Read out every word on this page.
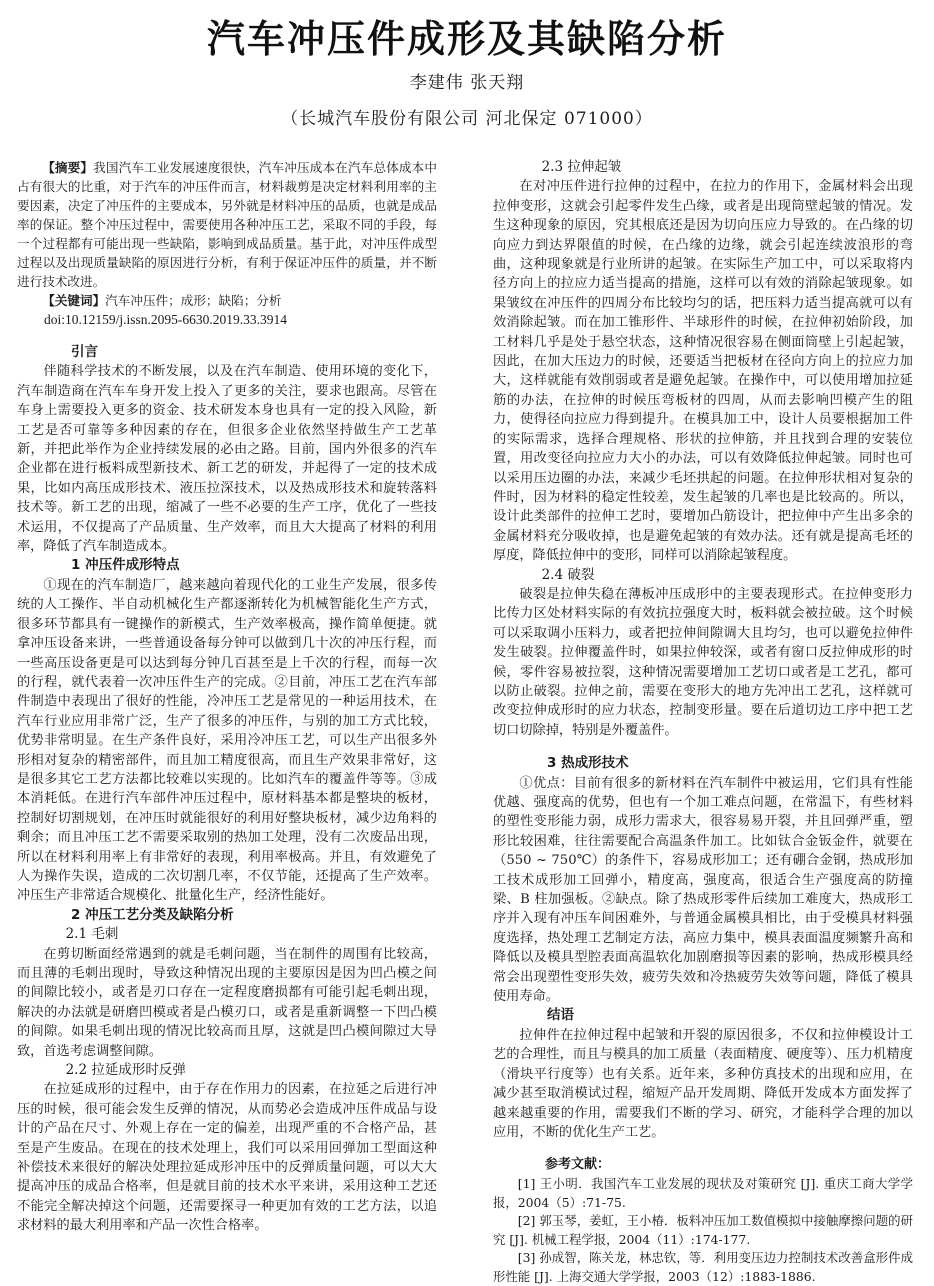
汽车冲压件成形及其缺陷分析
李建伟 张天翔
（长城汽车股份有限公司 河北保定 071000）

【摘要】我国汽车工业发展速度很快，汽车冲压成本在汽车总体成本中占有很大的比重，对于汽车的冲压件而言，材料裁剪是决定材料利用率的主要因素，决定了冲压件的主要成本，另外就是材料冲压的品质，也就是成品率的保证。整个冲压过程中，需要使用各种冲压工艺，采取不同的手段，每一个过程都有可能出现一些缺陷，影响到成品质量。基于此，对冲压件成型过程以及出现质量缺陷的原因进行分析，有利于保证冲压件的质量，并不断进行技术改进。

【关键词】汽车冲压件；成形；缺陷；分析

doi:10.12159/j.issn.2095-6630.2019.33.3914

引言

伴随科学技术的不断发展，以及在汽车制造、使用环境的变化下，汽车制造商在汽车车身开发上投入了更多的关注，要求也跟高。尽管在车身上需要投入更多的资金、技术研发本身也具有一定的投入风险，新工艺是否可靠等多种因素的存在，但很多企业依然坚持做生产工艺革新，并把此举作为企业持续发展的必由之路。目前，国内外很多的汽车企业都在进行板料成型新技术、新工艺的研发，并起得了一定的技术成果，比如内高压成形技术、液压拉深技术，以及热成形技术和旋转落料技术等。新工艺的出现，缩减了一些不必要的生产工序，优化了一些技术运用，不仅提高了产品质量、生产效率，而且大大提高了材料的利用率，降低了汽车制造成本。

1 冲压件成形特点

①现在的汽车制造厂，越来越向着现代化的工业生产发展，很多传统的人工操作、半自动机械化生产都逐渐转化为机械智能化生产方式，很多环节都具有一键操作的新模式，生产效率极高，操作简单便捷。就拿冲压设备来讲，一些普通设备每分钟可以做到几十次的冲压行程，而一些高压设备更是可以达到每分钟几百甚至是上千次的行程，而每一次的行程，就代表着一次冲压件生产的完成。②目前，冲压工艺在汽车部件制造中表现出了很好的性能，冷冲压工艺是常见的一种运用技术，在汽车行业应用非常广泛，生产了很多的冲压件，与别的加工方式比较，优势非常明显。在生产条件良好，采用冷冲压工艺，可以生产出很多外形相对复杂的精密部件，而且加工精度很高，而且生产效果非常好，这是很多其它工艺方法都比较难以实现的。比如汽车的覆盖件等等。③成本消耗低。在进行汽车部件冲压过程中，原材料基本都是整块的板材，控制好切割规划，在冲压时就能很好的利用好整块板材，减少边角料的剩余；而且冲压工艺不需要采取别的热加工处理，没有二次废品出现，所以在材料利用率上有非常好的表现，利用率极高。并且，有效避免了人为操作失误，造成的二次切割几率，不仅节能，还提高了生产效率。冲压生产非常适合规模化、批量化生产，经济性能好。

2 冲压工艺分类及缺陷分析

2.1 毛刺

在剪切断面经常遇到的就是毛刺问题，当在制件的周围有比较高，而且薄的毛刺出现时，导致这种情况出现的主要原因是因为凹凸模之间的间隙比较小，或者是刃口存在一定程度磨损都有可能引起毛刺出现，解决的办法就是研磨凹模或者是凸模刃口，或者是重新调整一下凹凸模的间隙。如果毛刺出现的情况比较高而且厚，这就是凹凸模间隙过大导致，首选考虑调整间隙。

2.2 拉延成形时反弹

在拉延成形的过程中，由于存在作用力的因素，在拉延之后进行冲压的时候，很可能会发生反弹的情况，从而势必会造成冲压件成品与设计的产品在尺寸、外观上存在一定的偏差，出现严重的不合格产品，甚至是产生废品。在现在的技术处理上，我们可以采用回弹加工型面这种补偿技术来很好的解决处理拉延成形冲压中的反弹质量问题，可以大大提高冲压的成品合格率，但是就目前的技术水平来讲，采用这种工艺还不能完全解决掉这个问题，还需要探寻一种更加有效的工艺方法，以追求材料的最大利用率和产品一次性合格率。

2.3 拉伸起皱

在对冲压件进行拉伸的过程中，在拉力的作用下，金属材料会出现拉伸变形，这就会引起零件发生凸缘，或者是出现筒壁起皱的情况。发生这种现象的原因，究其根底还是因为切向压应力导致的。在凸缘的切向应力到达界限值的时候，在凸缘的边缘，就会引起连续波浪形的弯曲，这种现象就是行业所讲的起皱。在实际生产加工中，可以采取将内径方向上的拉应力适当提高的措施，这样可以有效的消除起皱现象。如果皱纹在冲压件的四周分布比较均匀的话，把压料力适当提高就可以有效消除起皱。而在加工锥形件、半球形件的时候，在拉伸初始阶段，加工材料几乎是处于悬空状态，这种情况很容易在侧面筒壁上引起起皱，因此，在加大压边力的时候，还要适当把板材在径向方向上的拉应力加大，这样就能有效削弱或者是避免起皱。在操作中，可以使用增加拉延筋的办法，在拉伸的时候压弯板材的四周，从而去影响凹模产生的阻力，使得径向拉应力得到提升。在模具加工中，设计人员要根据加工件的实际需求，选择合理规格、形状的拉伸筋，并且找到合理的安装位置，用改变径向拉应力大小的办法，可以有效降低拉伸起皱。同时也可以采用压边圈的办法，来减少毛坯拱起的问题。在拉伸形状相对复杂的件时，因为材料的稳定性较差，发生起皱的几率也是比较高的。所以，设计此类部件的拉伸工艺时，要增加凸筋设计，把拉伸中产生出多余的金属材料充分吸收掉，也是避免起皱的有效办法。还有就是提高毛坯的厚度，降低拉伸中的变形，同样可以消除起皱程度。

2.4 破裂

破裂是拉伸失稳在薄板冲压成形中的主要表现形式。在拉伸变形力比传力区处材料实际的有效抗拉强度大时，板料就会被拉破。这个时候可以采取调小压料力，或者把拉伸间隙调大且均匀，也可以避免拉伸件发生破裂。拉伸覆盖件时，如果拉伸较深，或者有窗口反拉伸成形的时候，零件容易被拉裂，这种情况需要增加工艺切口或者是工艺孔，都可以防止破裂。拉伸之前，需要在变形大的地方先冲出工艺孔，这样就可改变拉伸成形时的应力状态，控制变形量。要在后道切边工序中把工艺切口切除掉，特别是外覆盖件。

3 热成形技术

①优点：目前有很多的新材料在汽车制件中被运用，它们具有性能优越、强度高的优势，但也有一个加工难点问题，在常温下，有些材料的塑性变形能力弱，成形力需求大，很容易易开裂，并且回弹严重，塑形比较困难，往往需要配合高温条件加工。比如钛合金钣金件，就要在（550 ~ 750℃）的条件下，容易成形加工；还有硼合金钢，热成形加工技术成形加工回弹小，精度高，强度高，很适合生产强度高的防撞梁、B 柱加强板。②缺点。除了热成形零件后续加工难度大，热成形工序并入现有冲压车间困难外，与普通金属模具相比，由于受模具材料强度选择，热处理工艺制定方法，高应力集中，模具表面温度频繁升高和降低以及模具型腔表面高温软化加剧磨损等因素的影响，热成形模具经常会出现塑性变形失效，疲劳失效和冷热疲劳失效等问题，降低了模具使用寿命。

结语

拉伸件在拉伸过程中起皱和开裂的原因很多，不仅和拉伸模设计工艺的合理性，而且与模具的加工质量（表面精度、硬度等）、压力机精度（滑块平行度等）也有关系。近年来，多种仿真技术的出现和应用，在减少甚至取消模试过程，缩短产品开发周期、降低开发成本方面发挥了越来越重要的作用，需要我们不断的学习、研究，才能科学合理的加以应用，不断的优化生产工艺。

参考文献：

[1] 王小明．我国汽车工业发展的现状及对策研究 [J]. 重庆工商大学学报，2004（5）:71-75.

[2] 郭玉琴，姜虹，王小椿．板料冲压加工数值模拟中接触摩擦问题的研究 [J]. 机械工程学报，2004（11）:174-177.

[3] 孙成智，陈关龙，林忠钦，等．利用变压边力控制技术改善盒形件成形性能 [J]. 上海交通大学学报，2003（12）:1883-1886.
